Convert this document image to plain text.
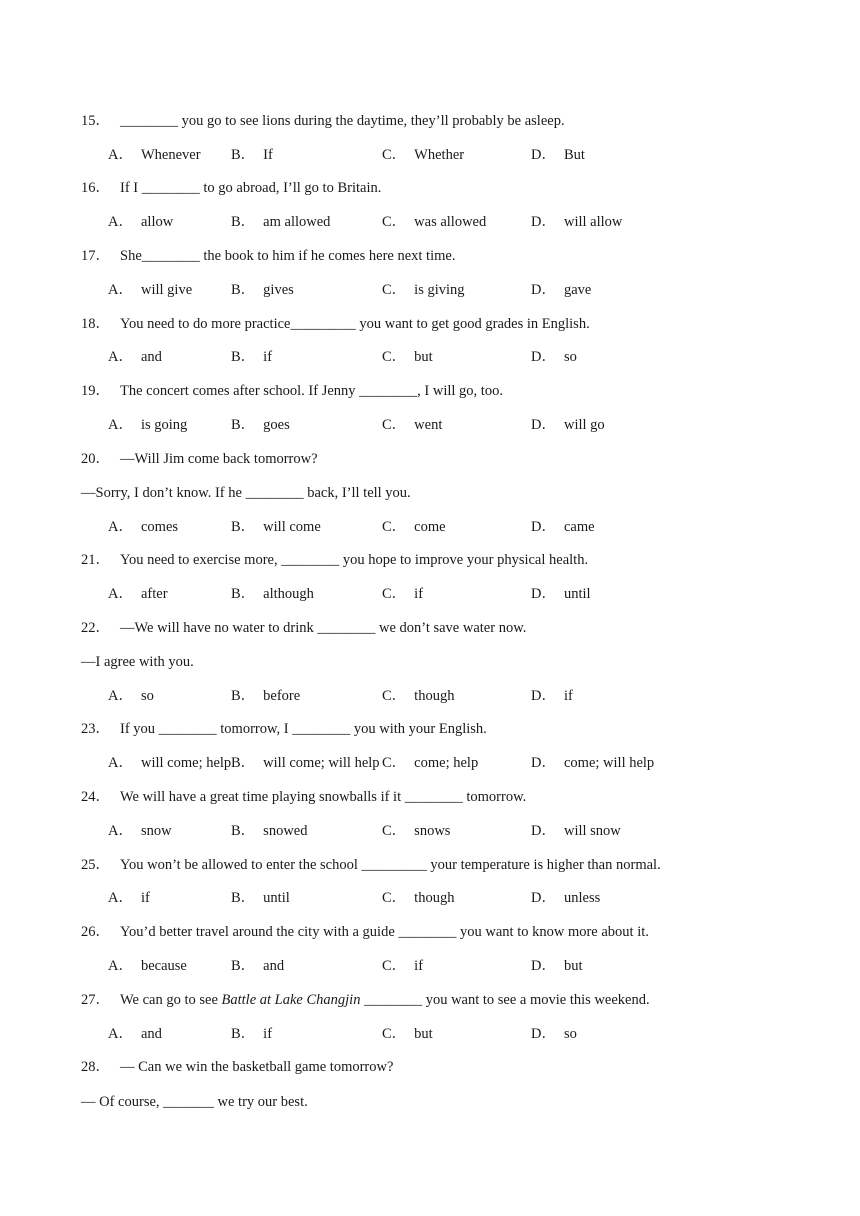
15． ________ you go to see lions during the daytime, they’ll probably be asleep.
A． Whenever B． If	C． Whether	D． But
16． If I ________ to go abroad, I’ll go to Britain.
A． allow	B． am allowed	C． was allowed	D． will allow
17． She________ the book to him if he comes here next time.
A． will give	B． gives	C． is giving	D． gave
18． You need to do more practice_________ you want to get good grades in English.
A． and	B． if	C． but	D． so
19． The concert comes after school. If Jenny ________, I will go, too.
A． is going	B． goes	C． went	D． will go
20． —Will Jim come back tomorrow?
—Sorry, I don’t know. If he ________ back, I’ll tell you.
A． comes	B． will come	C． come	D． came
21． You need to exercise more, ________ you hope to improve your physical health.
A． after	B． although	C． if	D． until
22． —We will have no water to drink ________ we don’t save water now.
—I agree with you.
A． so	B． before	C． though	D． if
23． If you ________ tomorrow, I ________ you with your English.
A． will come; help B． will come; will help C． come; help	D． come; will help
24． We will have a great time playing snowballs if it ________ tomorrow.
A． snow	B． snowed	C． snows	D． will snow
25． You won’t be allowed to enter the school _________ your temperature is higher than normal.
A． if	B． until	C． though	D． unless
26． You’d better travel around the city with a guide ________ you want to know more about it.
A． because	B． and	C． if	D． but
27． We can go to see Battle at Lake Changjin ________ you want to see a movie this weekend.
A． and	B． if	C． but	D． so
28． — Can we win the basketball game tomorrow?
— Of course, _______ we try our best.
